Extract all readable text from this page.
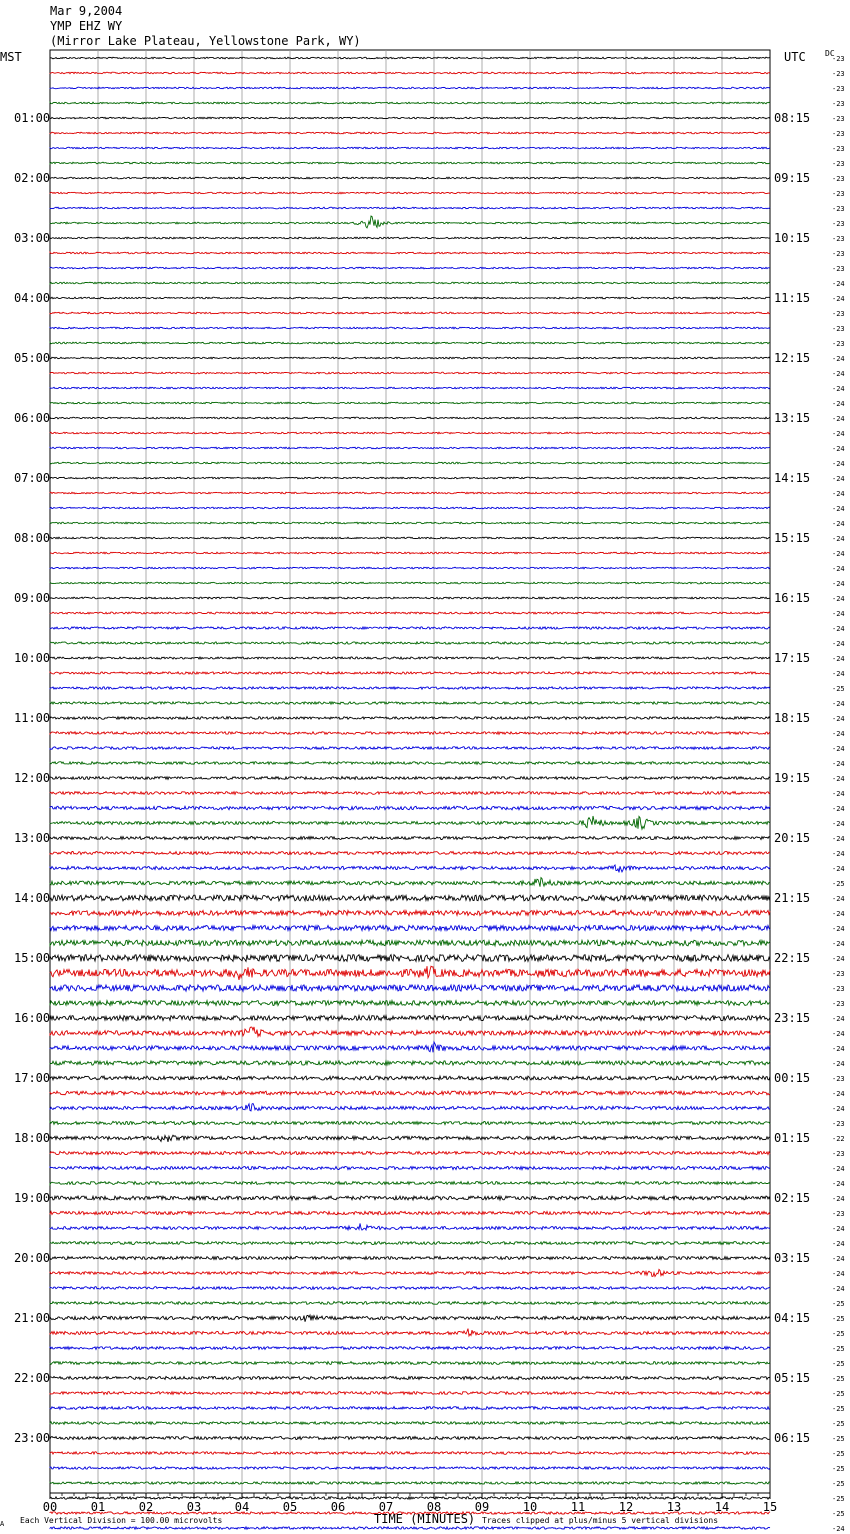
Mar 9,2004
YMP EHZ WY
(Mirror Lake Plateau, Yellowstone Park, WY)
MST	UTC DC
01:00
02:00
03:00
04:00
05:00
06:00
07:00
08:00
09:00
10:00
11:00
12:00
13:00
14:00
15:00
16:00
17:00
18:00
19:00
20:00
21:00
22:00
23:00
08:15
09:15
10:15
11:15
12:15
13:15
14:15
15:15
16:15
17:15
18:15
19:15
20:15
21:15
22:15
23:15
00:15
01:15
02:15
03:15
04:15
05:15
06:15
-23
-23
-23
-23
-23
-23
-23
-23
-23
-23
-23
-23
-23
-23
-23
-24
-24
-23
-23
-23
-24
-24
-24
-24
-24
-24
-24
-24
-24
-24
-24
-24
-24
-24
-24
-24
-24
-24
-24
-24
-24
-24
-25
-24
-24
-24
-24
-24
-24
-24
-24
-24
-24
-24
-24
-25
-24
-24
-24
-24
-24
-23
-23
-23
-24
-24
-24
-24
-23
-24
-24
-23
-22
-23
-24
-24
-24
-23
-24
-24
-24
-24
-24
-25
-25
-25
-25
-25
-25
-25
-25
-25
-25
-25
-25
-25
-25
-25
-24
00	01	02	03	04	05	06	07	08	09	10	11	12	13	14	15
A Each Vertical Division = 100.00 microvolts	TIME (MINUTES) Traces clipped at plus/minus 5 vertical divisions
